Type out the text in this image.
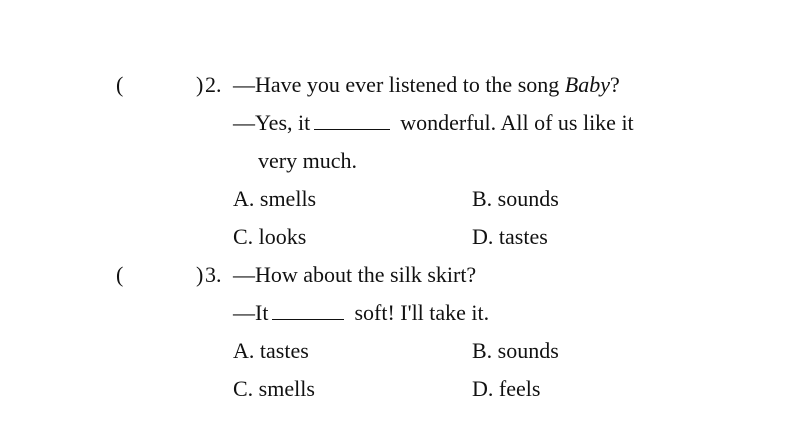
(	) 2. —Have you ever listened to the song Baby?
—Yes, it	wonderful. All of us like it
very much.
A. smells	B. sounds
C. looks	D. tastes
(	) 3. —How about the silk skirt?
—It	soft! I'll take it.
A. tastes	B. sounds
C. smells	D. feels
